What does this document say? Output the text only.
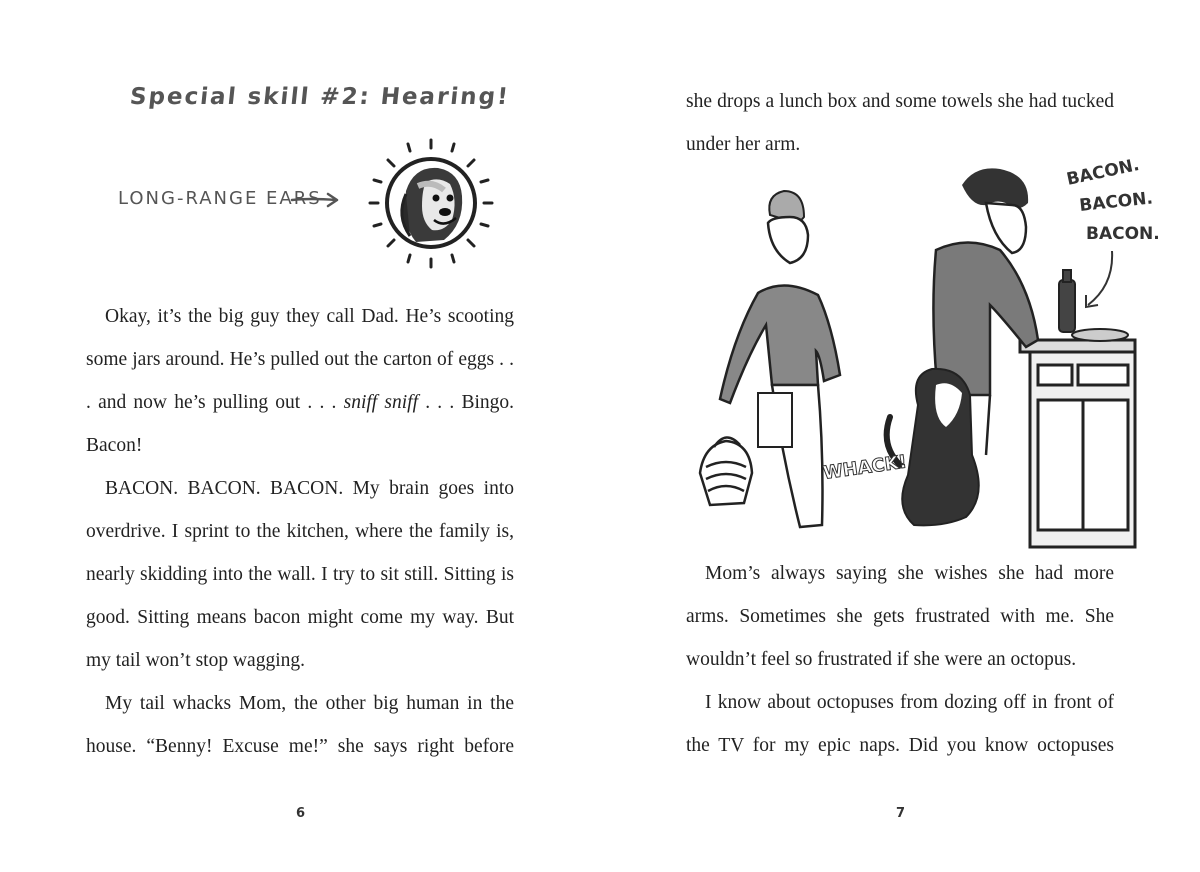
Special skill #2: Hearing!
LONG-RANGE EARS

Okay, it’s the big guy they call Dad. He’s scooting some jars around. He’s pulled out the carton of eggs . . . and now he’s pulling out . . . sniff sniff . . . Bingo. Bacon!

BACON. BACON. BACON. My brain goes into overdrive. I sprint to the kitchen, where the family is, nearly skidding into the wall. I try to sit still. Sitting is good. Sitting means bacon might come my way. But my tail won’t stop wagging.

My tail whacks Mom, the other big human in the house. “Benny! Excuse me!” she says right before

6

she drops a lunch box and some towels she had tucked under her arm.

BACON.
BACON.
BACON.
WHACK!

Mom’s always saying she wishes she had more arms. Sometimes she gets frustrated with me. She wouldn’t feel so frustrated if she were an octopus.

I know about octopuses from dozing off in front of the TV for my epic naps. Did you know octopuses

7
